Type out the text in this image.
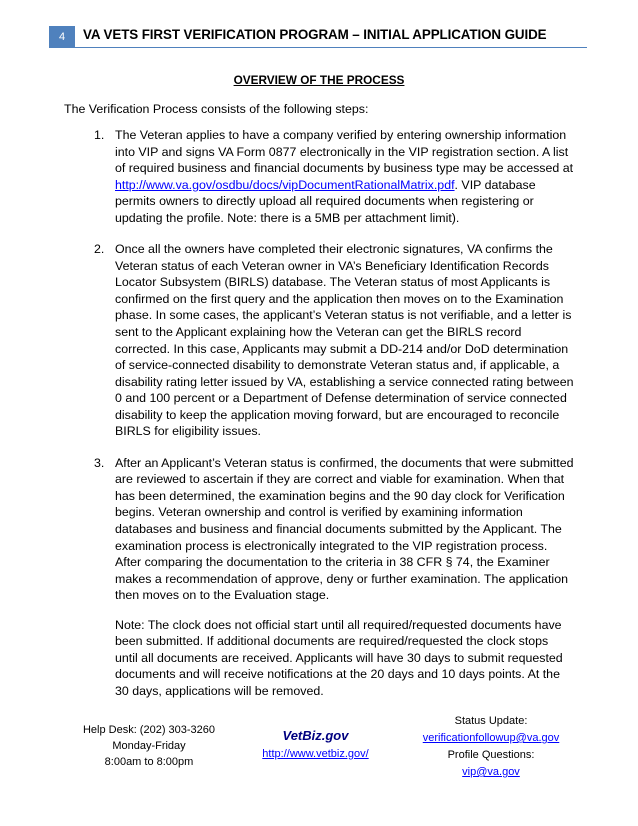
4	VA VETS FIRST VERIFICATION PROGRAM – INITIAL APPLICATION GUIDE
OVERVIEW OF THE PROCESS
The Verification Process consists of the following steps:
1. The Veteran applies to have a company verified by entering ownership information into VIP and signs VA Form 0877 electronically in the VIP registration section. A list of required business and financial documents by business type may be accessed at http://www.va.gov/osdbu/docs/vipDocumentRationalMatrix.pdf. VIP database permits owners to directly upload all required documents when registering or updating the profile. Note: there is a 5MB per attachment limit).

2. Once all the owners have completed their electronic signatures, VA confirms the Veteran status of each Veteran owner in VA’s Beneficiary Identification Records Locator Subsystem (BIRLS) database. The Veteran status of most Applicants is confirmed on the first query and the application then moves on to the Examination phase. In some cases, the applicant’s Veteran status is not verifiable, and a letter is sent to the Applicant explaining how the Veteran can get the BIRLS record corrected. In this case, Applicants may submit a DD-214 and/or DoD determination of service-connected disability to demonstrate Veteran status and, if applicable, a disability rating letter issued by VA, establishing a service connected rating between 0 and 100 percent or a Department of Defense determination of service connected disability to keep the application moving forward, but are encouraged to reconcile BIRLS for eligibility issues.

3. After an Applicant’s Veteran status is confirmed, the documents that were submitted are reviewed to ascertain if they are correct and viable for examination. When that has been determined, the examination begins and the 90 day clock for Verification begins. Veteran ownership and control is verified by examining information databases and business and financial documents submitted by the Applicant. The examination process is electronically integrated to the VIP registration process. After comparing the documentation to the criteria in 38 CFR § 74, the Examiner makes a recommendation of approve, deny or further examination. The application then moves on to the Evaluation stage.

Note: The clock does not official start until all required/requested documents have been submitted. If additional documents are required/requested the clock stops until all documents are received. Applicants will have 30 days to submit requested documents and will receive notifications at the 20 days and 10 days points. At the 30 days, applications will be removed.

Help Desk: (202) 303-3260
Monday-Friday
8:00am to 8:00pm
VetBiz.gov
http://www.vetbiz.gov/
Status Update:
verificationfollowup@va.gov
Profile Questions:
vip@va.gov
